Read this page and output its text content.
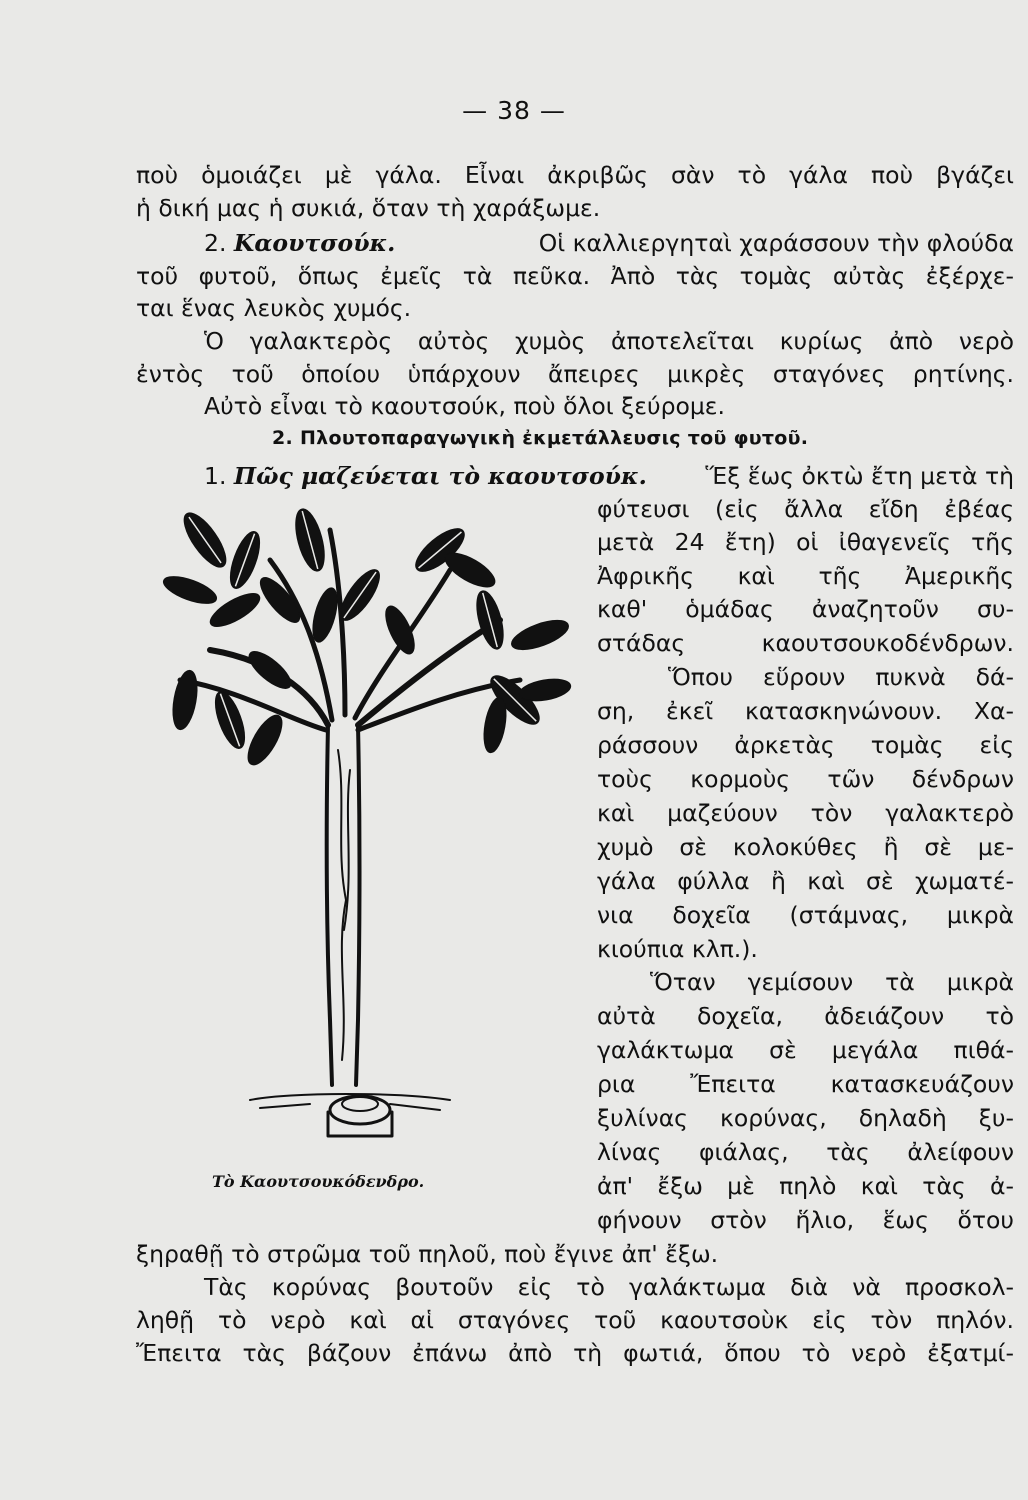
— 38 —
ποὺ ὁμοιάζει μὲ γάλα. Εἶναι ἀκριβῶς σὰν τὸ γάλα ποὺ βγάζει
ἡ δική μας ἡ συκιά, ὅταν τὴ χαράξωμε.
2. Καουτσούκ.	Οἱ καλλιεργηταὶ χαράσσουν τὴν φλούδα
τοῦ φυτοῦ, ὅπως ἐμεῖς τὰ πεῦκα. Ἀπὸ τὰς τομὰς αὐτὰς ἐξέρχε-
ται ἕνας λευκὸς χυμός.
Ὁ γαλακτερὸς αὐτὸς χυμὸς ἀποτελεῖται κυρίως ἀπὸ νερὸ
ἐντὸς τοῦ ὁποίου ὑπάρχουν ἄπειρες μικρὲς σταγόνες ρητίνης.
Αὐτὸ εἶναι τὸ καουτσούκ, ποὺ ὅλοι ξεύρομε.
2. Πλουτοπαραγωγικὴ ἐκμετάλλευσις τοῦ φυτοῦ.
1. Πῶς μαζεύεται τὸ καουτσούκ. Ἕξ ἕως ὀκτὼ ἔτη μετὰ τὴ
φύτευσι (εἰς ἄλλα εἴδη ἐβέας
μετὰ 24 ἔτη) οἱ ἰθαγενεῖς τῆς
Ἀφρικῆς καὶ τῆς Ἀμερικῆς
καθ' ὁμάδας ἀναζητοῦν συ-
στάδας καουτσουκοδένδρων.
Ὅπου εὕρουν πυκνὰ δά-
ση, ἐκεῖ κατασκηνώνουν. Χα-
ράσσουν ἀρκετὰς τομὰς εἰς
τοὺς κορμοὺς τῶν δένδρων
καὶ μαζεύουν τὸν γαλακτερὸ
χυμὸ σὲ κολοκύθες ἢ σὲ με-
γάλα φύλλα ἢ καὶ σὲ χωματέ-
νια δοχεῖα (στάμνας, μικρὰ
κιούπια κλπ.).
Ὅταν γεμίσουν τὰ μικρὰ
αὐτὰ δοχεῖα, ἀδειάζουν τὸ
γαλάκτωμα σὲ μεγάλα πιθά-
ρια Ἔπειτα κατασκευάζουν
ξυλίνας κορύνας, δηλαδὴ ξυ-
λίνας φιάλας, τὰς ἀλείφουν
ἀπ' ἔξω μὲ πηλὸ καὶ τὰς ἀ-
φήνουν στὸν ἥλιο, ἕως ὅτου
Τὸ Καουτσουκόδενδρο.
ξηραθῇ τὸ στρῶμα τοῦ πηλοῦ, ποὺ ἔγινε ἀπ' ἔξω.
Τὰς κορύνας βουτοῦν εἰς τὸ γαλάκτωμα διὰ νὰ προσκολ-
ληθῇ τὸ νερὸ καὶ αἱ σταγόνες τοῦ καουτσοὺκ εἰς τὸν πηλόν.
Ἔπειτα τὰς βάζουν ἐπάνω ἀπὸ τὴ φωτιά, ὅπου τὸ νερὸ ἐξατμί-
